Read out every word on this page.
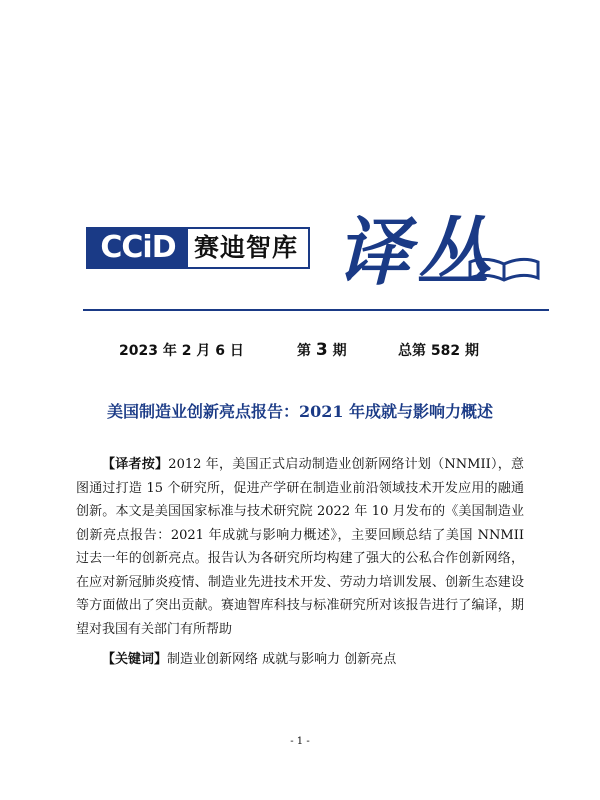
CCiD 赛迪智库 译丛
2023 年 2 月 6 日	第 3 期	总第 582 期
美国制造业创新亮点报告：2021 年成就与影响力概述
【译者按】2012 年，美国正式启动制造业创新网络计划（NNMII），意图通过打造 15 个研究所，促进产学研在制造业前沿领域技术开发应用的融通创新。本文是美国国家标准与技术研究院 2022 年 10 月发布的《美国制造业创新亮点报告：2021 年成就与影响力概述》，主要回顾总结了美国 NNMII 过去一年的创新亮点。报告认为各研究所均构建了强大的公私合作创新网络，在应对新冠肺炎疫情、制造业先进技术开发、劳动力培训发展、创新生态建设等方面做出了突出贡献。赛迪智库科技与标准研究所对该报告进行了编译，期望对我国有关部门有所帮助
【关键词】制造业创新网络 成就与影响力 创新亮点
- 1 -
